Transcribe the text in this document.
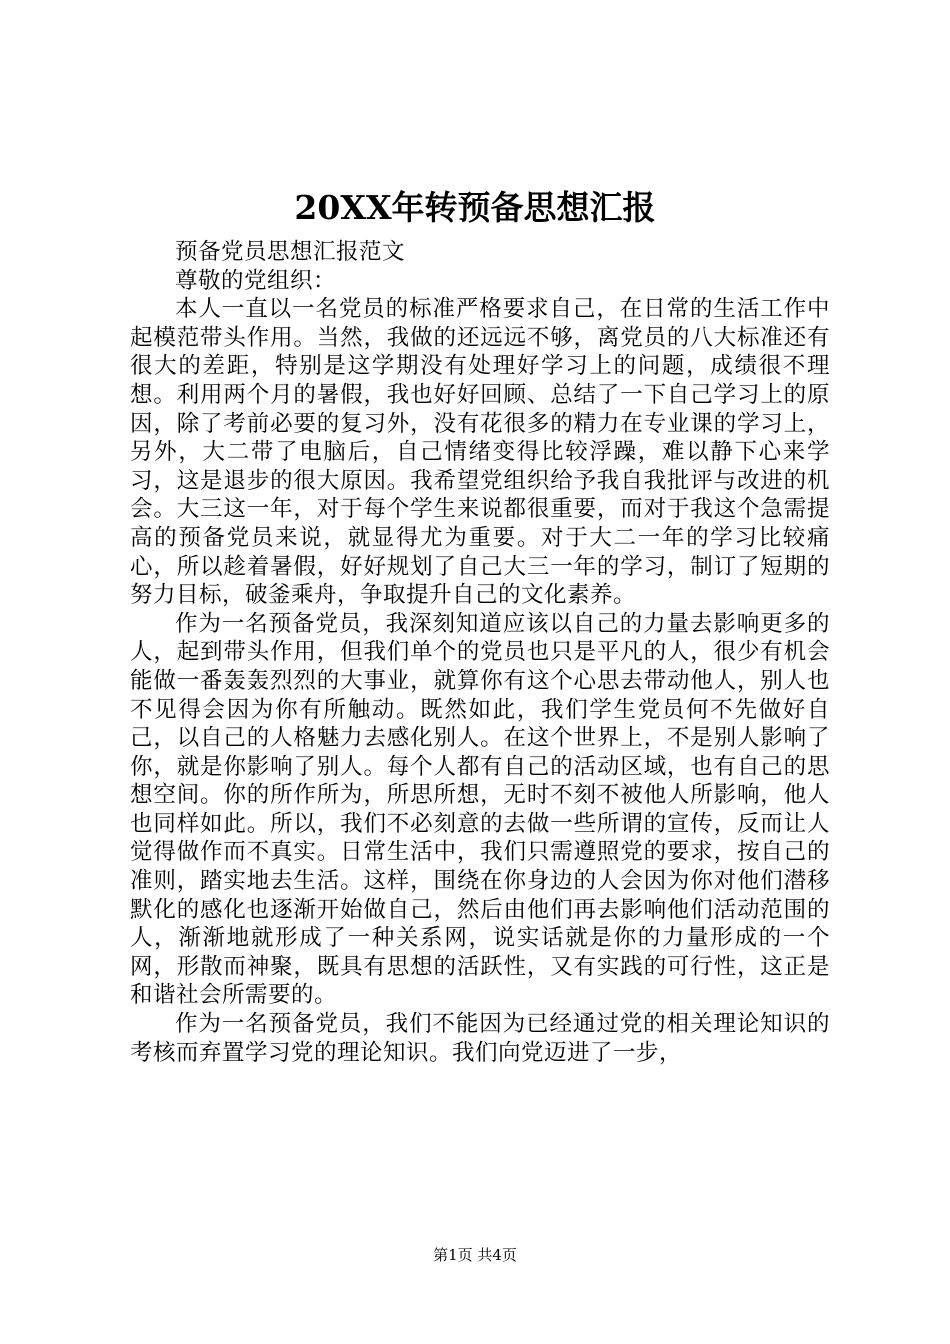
20XX年转预备思想汇报

预备党员思想汇报范文

尊敬的党组织：

本人一直以一名党员的标准严格要求自己，在日常的生活工作中起模范带头作用。当然，我做的还远远不够，离党员的八大标准还有很大的差距，特别是这学期没有处理好学习上的问题，成绩很不理想。利用两个月的暑假，我也好好回顾、总结了一下自己学习上的原因，除了考前必要的复习外，没有花很多的精力在专业课的学习上，另外，大二带了电脑后，自己情绪变得比较浮躁，难以静下心来学习，这是退步的很大原因。我希望党组织给予我自我批评与改进的机会。大三这一年，对于每个学生来说都很重要，而对于我这个急需提高的预备党员来说，就显得尤为重要。对于大二一年的学习比较痛心，所以趁着暑假，好好规划了自己大三一年的学习，制订了短期的努力目标，破釜乘舟，争取提升自己的文化素养。

作为一名预备党员，我深刻知道应该以自己的力量去影响更多的人，起到带头作用，但我们单个的党员也只是平凡的人，很少有机会能做一番轰轰烈烈的大事业，就算你有这个心思去带动他人，别人也不见得会因为你有所触动。既然如此，我们学生党员何不先做好自己，以自己的人格魅力去感化别人。在这个世界上，不是别人影响了你，就是你影响了别人。每个人都有自己的活动区域，也有自己的思想空间。你的所作所为，所思所想，无时不刻不被他人所影响，他人也同样如此。所以，我们不必刻意的去做一些所谓的宣传，反而让人觉得做作而不真实。日常生活中，我们只需遵照党的要求，按自己的准则，踏实地去生活。这样，围绕在你身边的人会因为你对他们潜移默化的感化也逐渐开始做自己，然后由他们再去影响他们活动范围的人，渐渐地就形成了一种关系网，说实话就是你的力量形成的一个网，形散而神聚，既具有思想的活跃性，又有实践的可行性，这正是和谐社会所需要的。

作为一名预备党员，我们不能因为已经通过党的相关理论知识的考核而弃置学习党的理论知识。我们向党迈进了一步，

第1页 共4页
